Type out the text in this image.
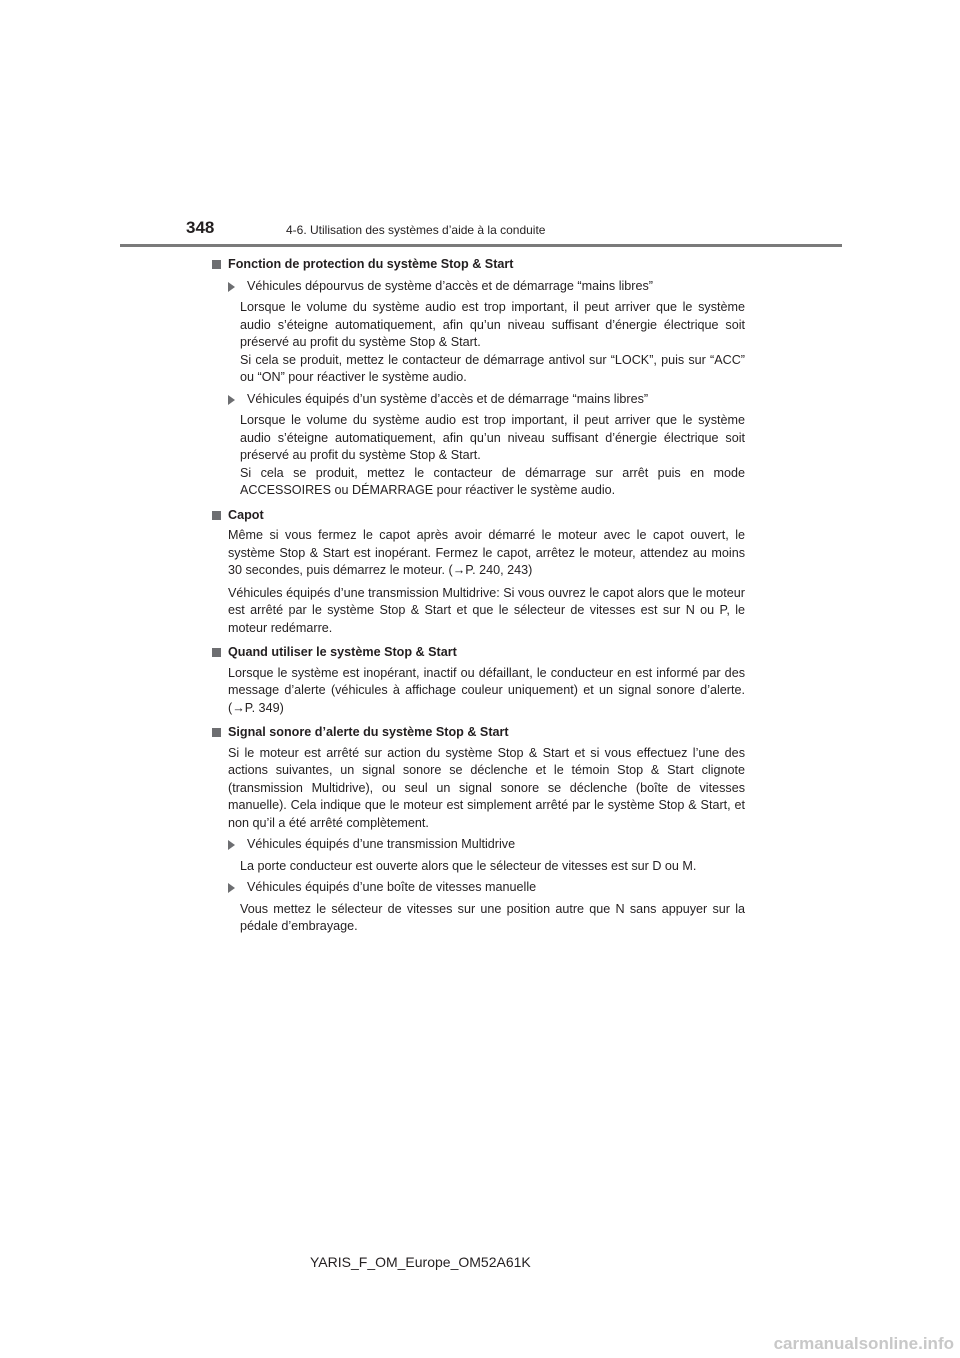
348	4-6. Utilisation des systèmes d’aide à la conduite
Fonction de protection du système Stop & Start
Véhicules dépourvus de système d’accès et de démarrage “mains libres”
Lorsque le volume du système audio est trop important, il peut arriver que le système audio s’éteigne automatiquement, afin qu’un niveau suffisant d’énergie électrique soit préservé au profit du système Stop & Start.
Si cela se produit, mettez le contacteur de démarrage antivol sur “LOCK”, puis sur “ACC” ou “ON” pour réactiver le système audio.
Véhicules équipés d’un système d’accès et de démarrage “mains libres”
Lorsque le volume du système audio est trop important, il peut arriver que le système audio s’éteigne automatiquement, afin qu’un niveau suffisant d’énergie électrique soit préservé au profit du système Stop & Start.
Si cela se produit, mettez le contacteur de démarrage sur arrêt puis en mode ACCESSOIRES ou DÉMARRAGE pour réactiver le système audio.
Capot
Même si vous fermez le capot après avoir démarré le moteur avec le capot ouvert, le système Stop & Start est inopérant. Fermez le capot, arrêtez le moteur, attendez au moins 30 secondes, puis démarrez le moteur. (→P. 240, 243)
Véhicules équipés d’une transmission Multidrive: Si vous ouvrez le capot alors que le moteur est arrêté par le système Stop & Start et que le sélecteur de vitesses est sur N ou P, le moteur redémarre.
Quand utiliser le système Stop & Start
Lorsque le système est inopérant, inactif ou défaillant, le conducteur en est informé par des message d’alerte (véhicules à affichage couleur uniquement) et un signal sonore d’alerte. (→P. 349)
Signal sonore d’alerte du système Stop & Start
Si le moteur est arrêté sur action du système Stop & Start et si vous effectuez l’une des actions suivantes, un signal sonore se déclenche et le témoin Stop & Start clignote (transmission Multidrive), ou seul un signal sonore se déclenche (boîte de vitesses manuelle). Cela indique que le moteur est simplement arrêté par le système Stop & Start, et non qu’il a été arrêté complètement.
Véhicules équipés d’une transmission Multidrive
La porte conducteur est ouverte alors que le sélecteur de vitesses est sur D ou M.
Véhicules équipés d’une boîte de vitesses manuelle
Vous mettez le sélecteur de vitesses sur une position autre que N sans appuyer sur la pédale d’embrayage.
YARIS_F_OM_Europe_OM52A61K
carmanualsonline.info
